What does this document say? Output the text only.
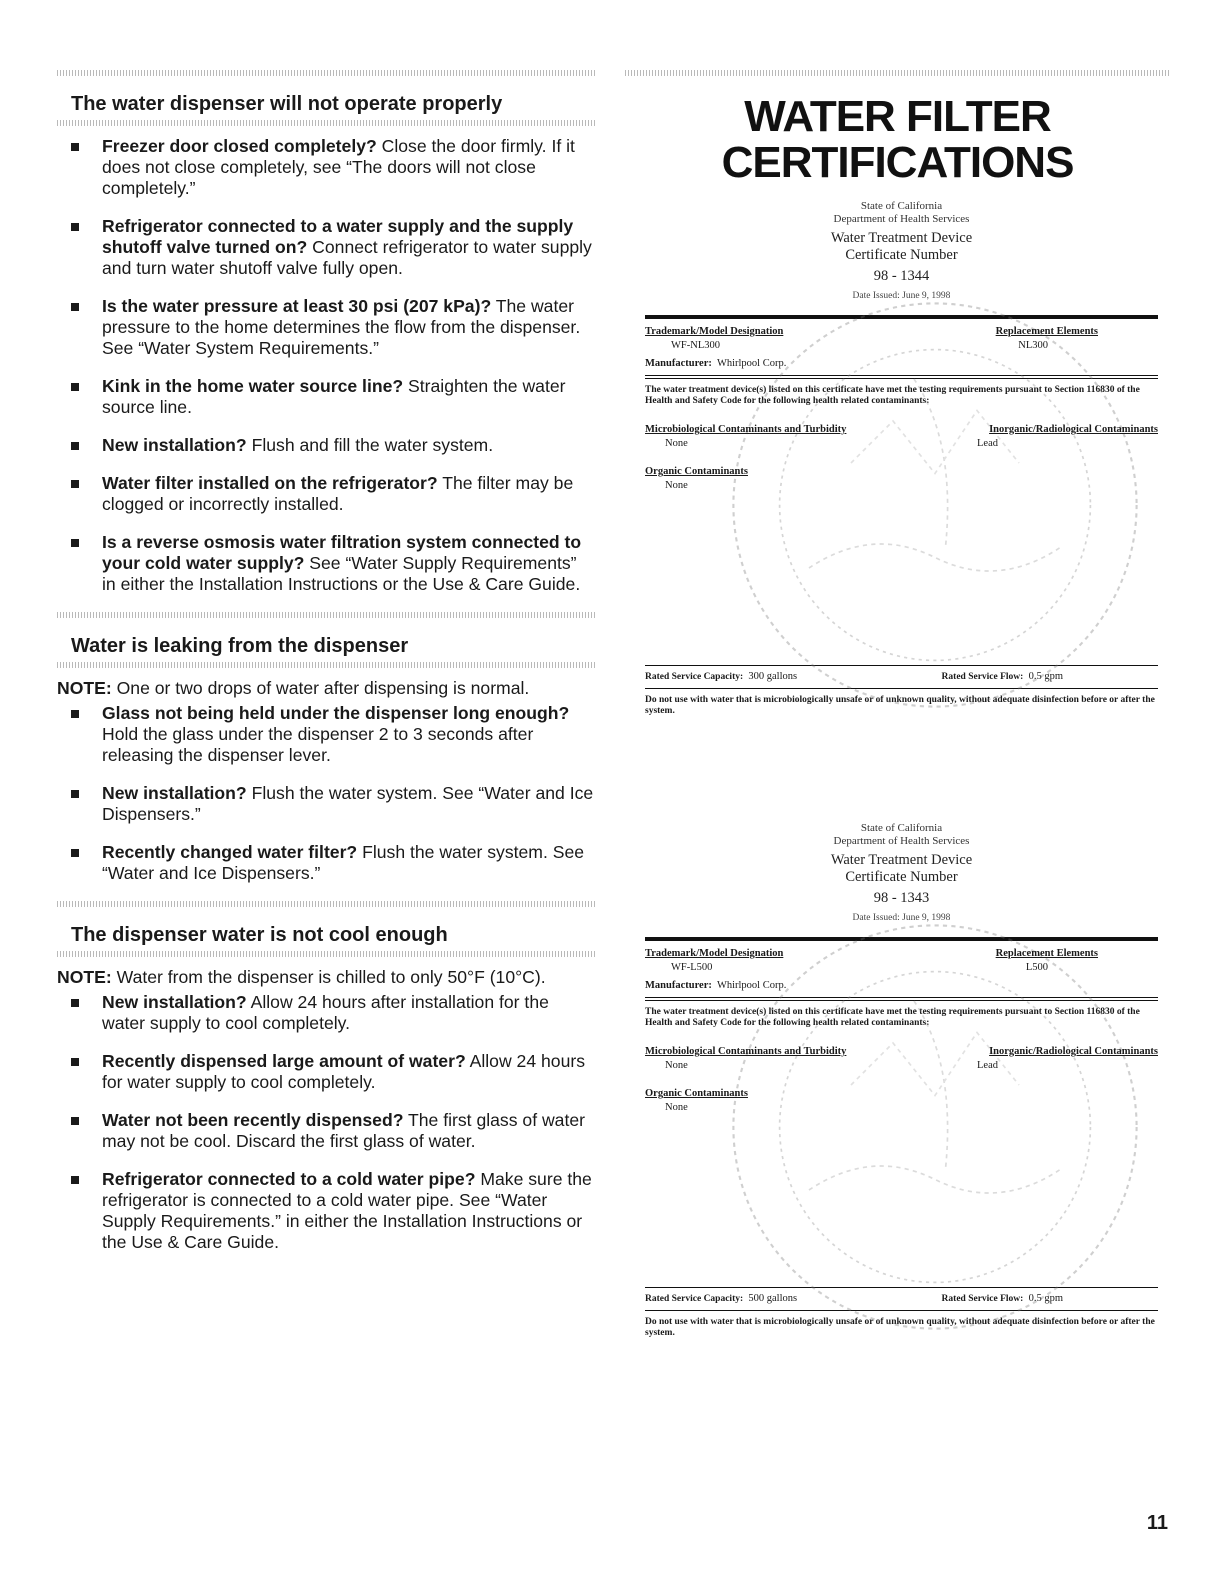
The water dispenser will not operate properly
Freezer door closed completely? Close the door firmly. If it does not close completely, see “The doors will not close completely.”
Refrigerator connected to a water supply and the supply shutoff valve turned on? Connect refrigerator to water supply and turn water shutoff valve fully open.
Is the water pressure at least 30 psi (207 kPa)? The water pressure to the home determines the flow from the dispenser. See “Water System Requirements.”
Kink in the home water source line? Straighten the water source line.
New installation? Flush and fill the water system.
Water filter installed on the refrigerator? The filter may be clogged or incorrectly installed.
Is a reverse osmosis water filtration system connected to your cold water supply? See “Water Supply Requirements” in either the Installation Instructions or the Use & Care Guide.
Water is leaking from the dispenser
NOTE: One or two drops of water after dispensing is normal.
Glass not being held under the dispenser long enough? Hold the glass under the dispenser 2 to 3 seconds after releasing the dispenser lever.
New installation? Flush the water system. See “Water and Ice Dispensers.”
Recently changed water filter? Flush the water system. See “Water and Ice Dispensers.”
The dispenser water is not cool enough
NOTE: Water from the dispenser is chilled to only 50°F (10°C).
New installation? Allow 24 hours after installation for the water supply to cool completely.
Recently dispensed large amount of water? Allow 24 hours for water supply to cool completely.
Water not been recently dispensed? The first glass of water may not be cool. Discard the first glass of water.
Refrigerator connected to a cold water pipe? Make sure the refrigerator is connected to a cold water pipe. See “Water Supply Requirements.” in either the Installation Instructions or the Use & Care Guide.
WATER FILTER
CERTIFICATIONS
State of California
Department of Health Services
Water Treatment Device
Certificate Number
98 - 1344
Date Issued: June 9, 1998
Trademark/Model Designation	Replacement Elements
WF-NL300	NL300
Manufacturer: Whirlpool Corp.
The water treatment device(s) listed on this certificate have met the testing requirements pursuant to Section 116830 of the Health and Safety Code for the following health related contaminants:
Microbiological Contaminants and Turbidity	Inorganic/Radiological Contaminants
None	Lead
Organic Contaminants
None
Rated Service Capacity: 300 gallons	Rated Service Flow: 0.5 gpm
Do not use with water that is microbiologically unsafe or of unknown quality, without adequate disinfection before or after the system.
State of California
Department of Health Services
Water Treatment Device
Certificate Number
98 - 1343
Date Issued: June 9, 1998
Trademark/Model Designation	Replacement Elements
WF-L500	L500
Manufacturer: Whirlpool Corp.
The water treatment device(s) listed on this certificate have met the testing requirements pursuant to Section 116830 of the Health and Safety Code for the following health related contaminants:
Microbiological Contaminants and Turbidity	Inorganic/Radiological Contaminants
None	Lead
Organic Contaminants
None
Rated Service Capacity: 500 gallons	Rated Service Flow: 0.5 gpm
Do not use with water that is microbiologically unsafe or of unknown quality, without adequate disinfection before or after the system.
11
